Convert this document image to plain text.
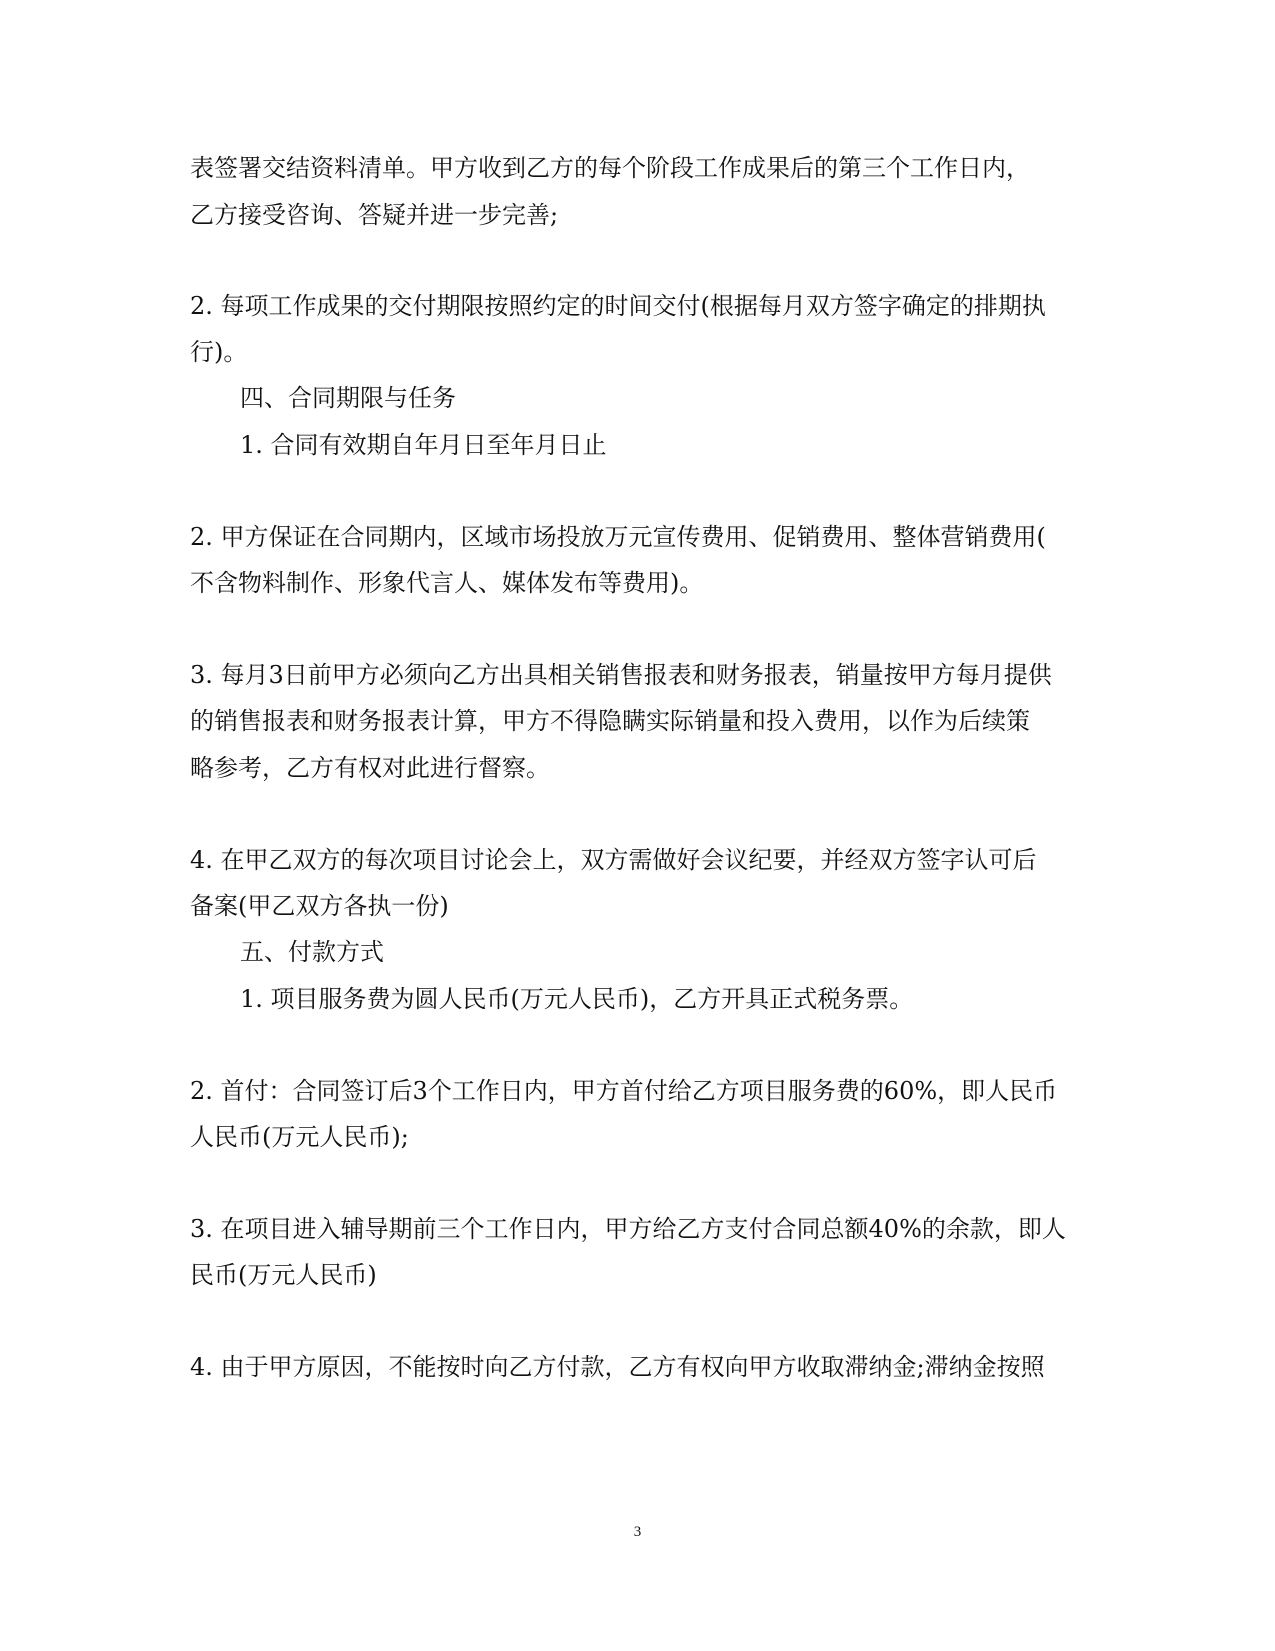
表签署交结资料清单。甲方收到乙方的每个阶段工作成果后的第三个工作日内，
乙方接受咨询、答疑并进一步完善;
2. 每项工作成果的交付期限按照约定的时间交付(根据每月双方签字确定的排期执
行)。
四、合同期限与任务
1. 合同有效期自年月日至年月日止
2. 甲方保证在合同期内，区域市场投放万元宣传费用、促销费用、整体营销费用(
不含物料制作、形象代言人、媒体发布等费用)。
3. 每月3日前甲方必须向乙方出具相关销售报表和财务报表，销量按甲方每月提供
的销售报表和财务报表计算，甲方不得隐瞒实际销量和投入费用，以作为后续策
略参考，乙方有权对此进行督察。
4. 在甲乙双方的每次项目讨论会上，双方需做好会议纪要，并经双方签字认可后
备案(甲乙双方各执一份)
五、付款方式
1. 项目服务费为圆人民币(万元人民币)，乙方开具正式税务票。
2. 首付：合同签订后3个工作日内，甲方首付给乙方项目服务费的60%，即人民币
人民币(万元人民币);
3. 在项目进入辅导期前三个工作日内，甲方给乙方支付合同总额40%的余款，即人
民币(万元人民币)
4. 由于甲方原因，不能按时向乙方付款，乙方有权向甲方收取滞纳金;滞纳金按照
3
